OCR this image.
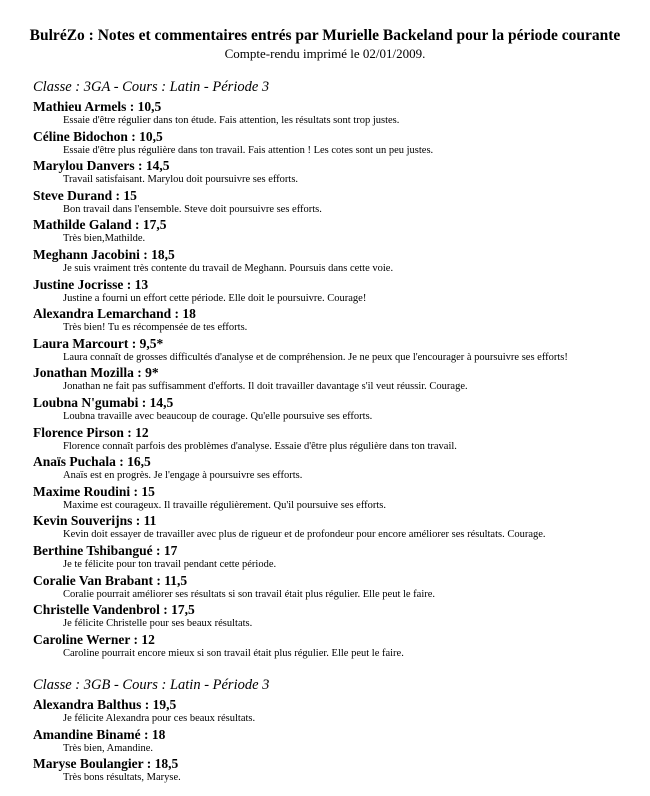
BulréZo : Notes et commentaires entrés par Murielle Backeland pour la période courante
Compte-rendu imprimé le 02/01/2009.
Classe : 3GA - Cours : Latin - Période 3
Mathieu Armels : 10,5
Essaie d'être régulier dans ton étude. Fais attention, les résultats sont trop justes.
Céline Bidochon : 10,5
Essaie d'être plus régulière dans ton travail. Fais attention ! Les cotes sont un peu justes.
Marylou Danvers : 14,5
Travail satisfaisant. Marylou doit poursuivre ses efforts.
Steve Durand : 15
Bon travail dans l'ensemble. Steve doit poursuivre ses efforts.
Mathilde Galand : 17,5
Très bien,Mathilde.
Meghann Jacobini : 18,5
Je suis vraiment très contente du travail de Meghann. Poursuis dans cette voie.
Justine Jocrisse : 13
Justine a fourni un effort cette période. Elle doit le poursuivre. Courage!
Alexandra Lemarchand : 18
Très bien! Tu es récompensée de tes efforts.
Laura Marcourt : 9,5*
Laura connaît de grosses difficultés d'analyse et de compréhension. Je ne peux que l'encourager à poursuivre ses efforts!
Jonathan Mozilla : 9*
Jonathan ne fait pas suffisamment d'efforts. Il doit travailler davantage s'il veut réussir. Courage.
Loubna N'gumabi : 14,5
Loubna travaille avec beaucoup de courage. Qu'elle poursuive ses efforts.
Florence Pirson : 12
Florence connaît parfois des problèmes d'analyse. Essaie d'être plus régulière dans ton travail.
Anaïs Puchala : 16,5
Anaïs est en progrès. Je l'engage à poursuivre ses efforts.
Maxime Roudini : 15
Maxime est courageux. Il travaille régulièrement. Qu'il poursuive ses efforts.
Kevin Souverijns : 11
Kevin doit essayer de travailler avec plus de rigueur et de profondeur pour encore améliorer ses résultats. Courage.
Berthine Tshibangué : 17
Je te félicite pour ton travail pendant cette période.
Coralie Van Brabant : 11,5
Coralie pourrait améliorer ses résultats si son travail était plus régulier. Elle peut le faire.
Christelle Vandenbrol : 17,5
Je félicite Christelle pour ses beaux résultats.
Caroline Werner : 12
Caroline pourrait encore mieux si son travail était plus régulier. Elle peut le faire.
Classe : 3GB - Cours : Latin - Période 3
Alexandra Balthus : 19,5
Je félicite Alexandra pour ces beaux résultats.
Amandine Binamé : 18
Très bien, Amandine.
Maryse Boulangier : 18,5
Très bons résultats, Maryse.
